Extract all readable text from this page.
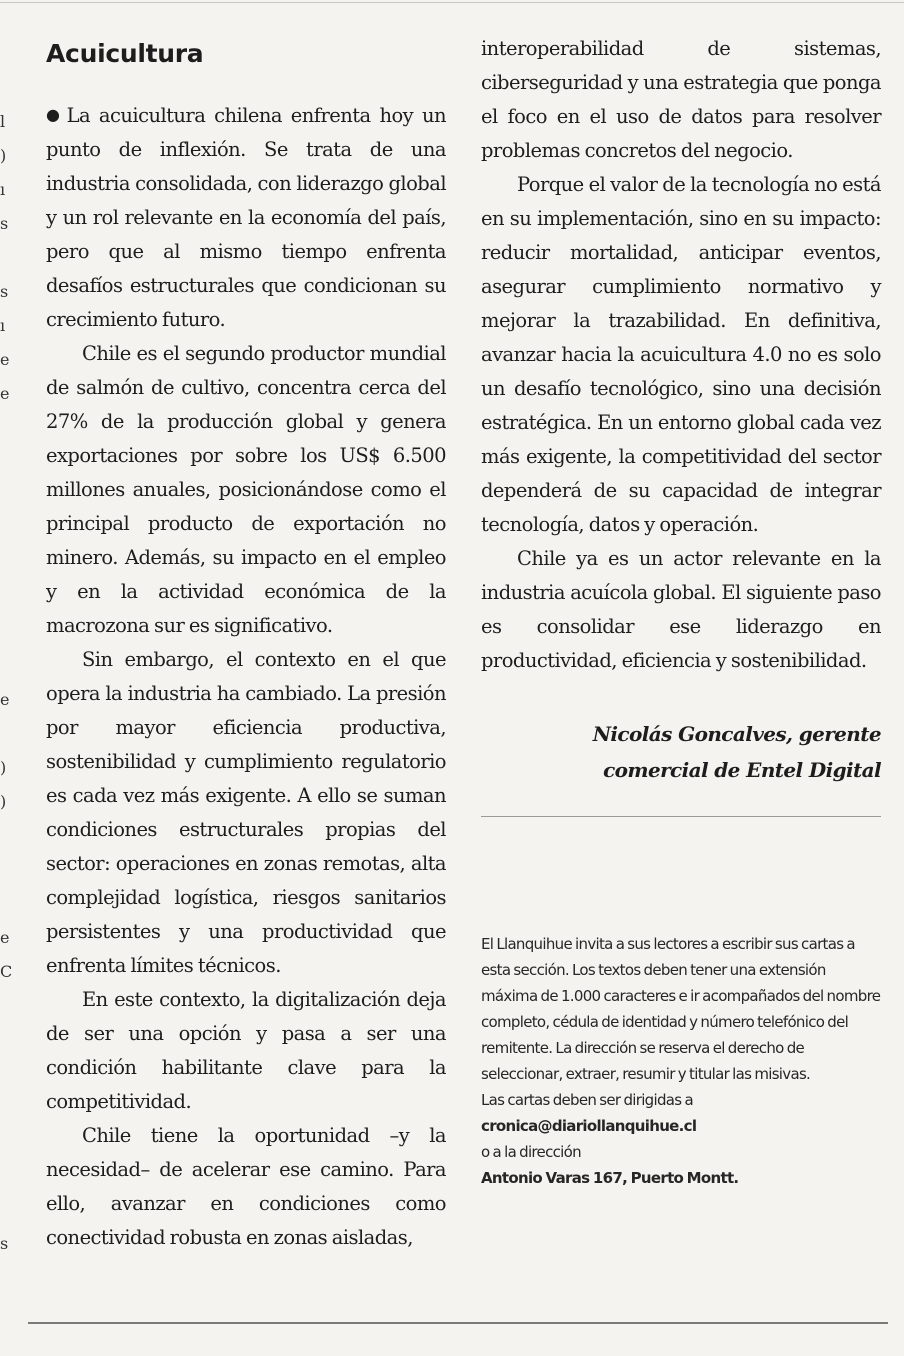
l
)
ı
s
s
ı
e
e
e
)
)
e
C
s
Acuicultura

● La acuicultura chilena enfrenta hoy un punto de inflexión. Se trata de una industria consolidada, con liderazgo global y un rol relevante en la economía del país, pero que al mismo tiempo enfrenta desafíos estructurales que condicionan su crecimiento futuro.

Chile es el segundo productor mundial de salmón de cultivo, concentra cerca del 27% de la producción global y genera exportaciones por sobre los US$ 6.500 millones anuales, posicionándose como el principal producto de exportación no minero. Además, su impacto en el empleo y en la actividad económica de la macrozona sur es significativo.

Sin embargo, el contexto en el que opera la industria ha cambiado. La presión por mayor eficiencia productiva, sostenibilidad y cumplimiento regulatorio es cada vez más exigente. A ello se suman condiciones estructurales propias del sector: operaciones en zonas remotas, alta complejidad logística, riesgos sanitarios persistentes y una productividad que enfrenta límites técnicos.

En este contexto, la digitalización deja de ser una opción y pasa a ser una condición habilitante clave para la competitividad.

Chile tiene la oportunidad –y la necesidad– de acelerar ese camino. Para ello, avanzar en condiciones como conectividad robusta en zonas aisladas,

interoperabilidad de sistemas, ciberseguridad y una estrategia que ponga el foco en el uso de datos para resolver problemas concretos del negocio.

Porque el valor de la tecnología no está en su implementación, sino en su impacto: reducir mortalidad, anticipar eventos, asegurar cumplimiento normativo y mejorar la trazabilidad. En definitiva, avanzar hacia la acuicultura 4.0 no es solo un desafío tecnológico, sino una decisión estratégica. En un entorno global cada vez más exigente, la competitividad del sector dependerá de su capacidad de integrar tecnología, datos y operación.

Chile ya es un actor relevante en la industria acuícola global. El siguiente paso es consolidar ese liderazgo en productividad, eficiencia y sostenibilidad.

Nicolás Goncalves, gerente
comercial de Entel Digital
El Llanquihue invita a sus lectores a escribir sus cartas a esta sección. Los textos deben tener una extensión máxima de 1.000 caracteres e ir acompañados del nombre completo, cédula de identidad y número telefónico del remitente. La dirección se reserva el derecho de seleccionar, extraer, resumir y titular las misivas.
Las cartas deben ser dirigidas a
cronica@diariollanquihue.cl
o a la dirección
Antonio Varas 167, Puerto Montt.
